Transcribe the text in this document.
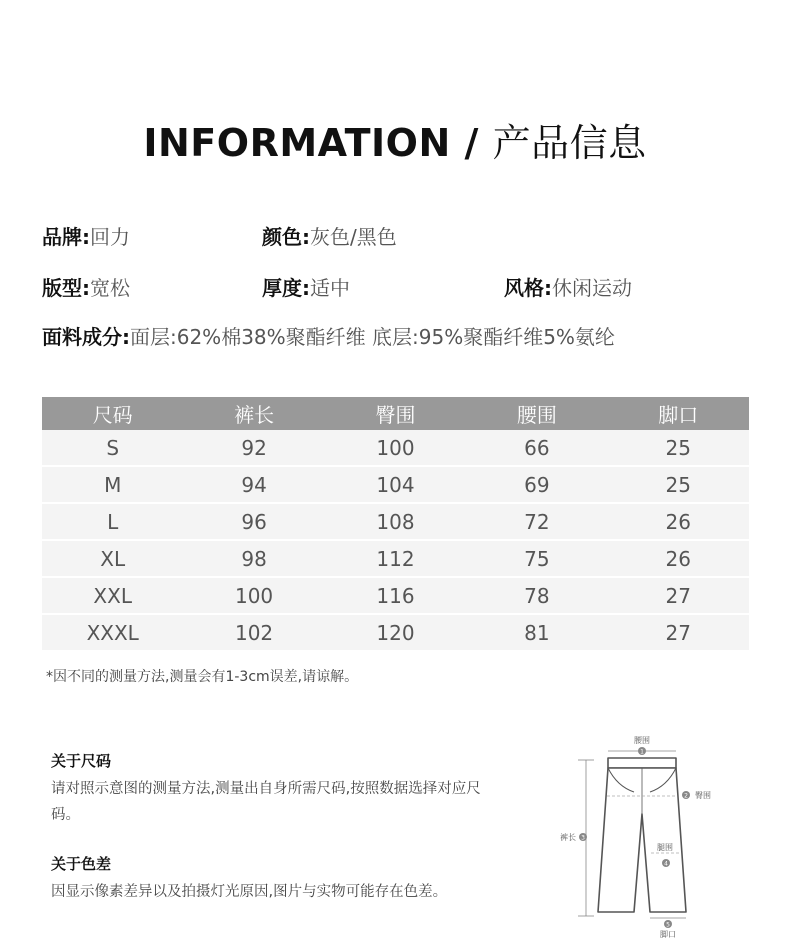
INFORMATION / 产品信息
品牌:回力	颜色:灰色/黑色
版型:宽松	厚度:适中	风格:休闲运动
面料成分:面层:62%棉38%聚酯纤维 底层:95%聚酯纤维5%氨纶
尺码	裤长	臀围	腰围	脚口
S	92	100	66	25
M	94	104	69	25
L	96	108	72	26
XL	98	112	75	26
XXL	100	116	78	27
XXXL	102	120	81	27
*因不同的测量方法,测量会有1-3cm误差,请谅解。
关于尺码
请对照示意图的测量方法,测量出自身所需尺码,按照数据选择对应尺码。
关于色差
因显示像素差异以及拍摄灯光原因,图片与实物可能存在色差。
腰围
1
2 臀围
3
裤长
腿围
4
5
脚口
